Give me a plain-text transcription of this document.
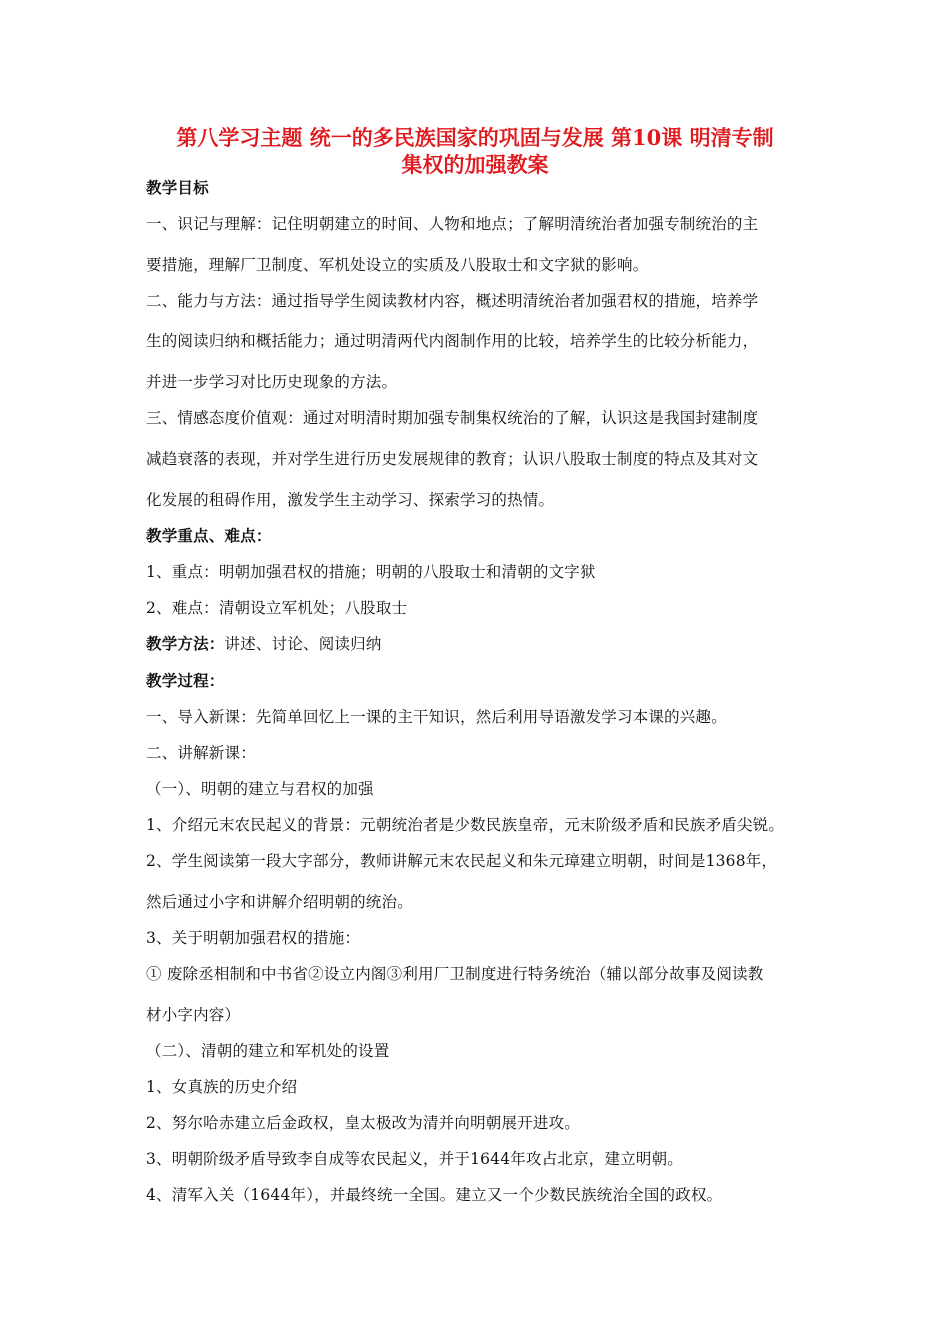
第八学习主题 统一的多民族国家的巩固与发展 第10课 明清专制
集权的加强教案
教学目标
一、识记与理解：记住明朝建立的时间、人物和地点；了解明清统治者加强专制统治的主
要措施，理解厂卫制度、军机处设立的实质及八股取士和文字狱的影响。
二、能力与方法：通过指导学生阅读教材内容，概述明清统治者加强君权的措施，培养学
生的阅读归纳和概括能力；通过明清两代内阁制作用的比较，培养学生的比较分析能力，
并进一步学习对比历史现象的方法。
三、情感态度价值观：通过对明清时期加强专制集权统治的了解，认识这是我国封建制度
减趋衰落的表现，并对学生进行历史发展规律的教育；认识八股取士制度的特点及其对文
化发展的租碍作用，激发学生主动学习、探索学习的热情。
教学重点、难点：
1、重点：明朝加强君权的措施；明朝的八股取士和清朝的文字狱
2、难点：清朝设立军机处；八股取士
教学方法：讲述、讨论、阅读归纳
教学过程：
一、导入新课：先简单回忆上一课的主干知识，然后利用导语激发学习本课的兴趣。
二、讲解新课：
（一）、明朝的建立与君权的加强
1、介绍元末农民起义的背景：元朝统治者是少数民族皇帝，元末阶级矛盾和民族矛盾尖锐。
2、学生阅读第一段大字部分，教师讲解元末农民起义和朱元璋建立明朝，时间是1368年，
然后通过小字和讲解介绍明朝的统治。
3、关于明朝加强君权的措施：
① 废除丞相制和中书省②设立内阁③利用厂卫制度进行特务统治（辅以部分故事及阅读教
材小字内容）
（二）、清朝的建立和军机处的设置
1、女真族的历史介绍
2、努尔哈赤建立后金政权，皇太极改为清并向明朝展开进攻。
3、明朝阶级矛盾导致李自成等农民起义，并于1644年攻占北京，建立明朝。
4、清军入关（1644年），并最终统一全国。建立又一个少数民族统治全国的政权。
